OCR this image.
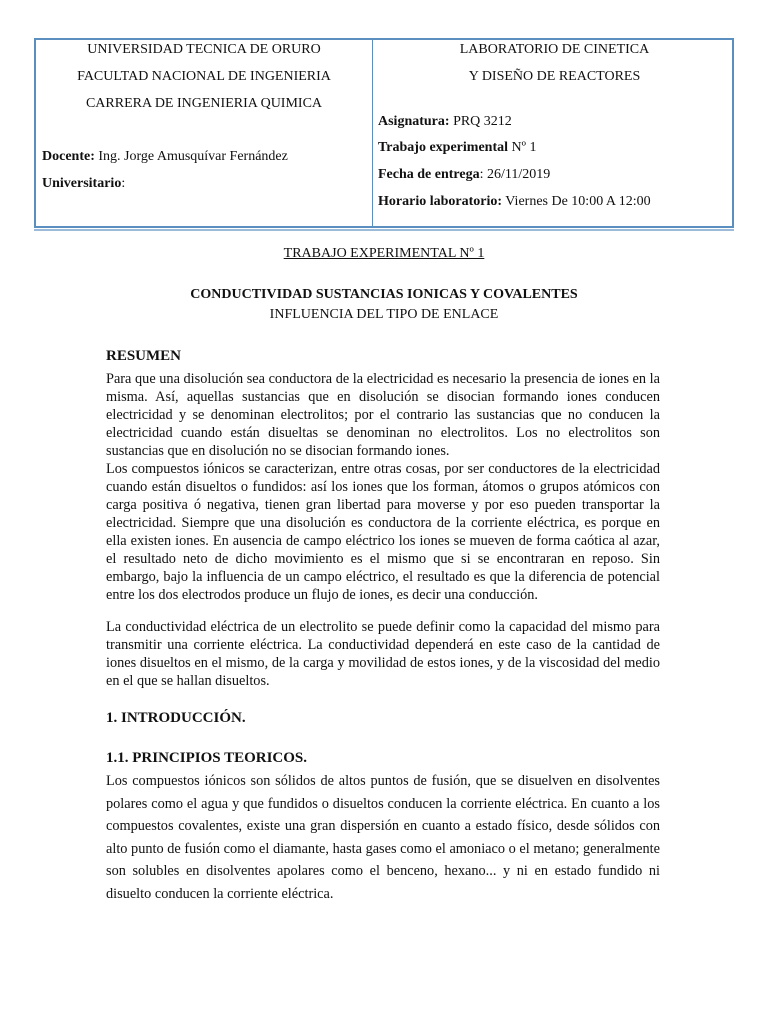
UNIVERSIDAD TECNICA DE ORURO
FACULTAD NACIONAL DE INGENIERIA
CARRERA DE INGENIERIA QUIMICA
Docente: Ing. Jorge Amusquívar Fernández
Universitario:
LABORATORIO DE CINETICA
Y DISEÑO DE REACTORES
Asignatura: PRQ 3212
Trabajo experimental Nº 1
Fecha de entrega: 26/11/2019
Horario laboratorio: Viernes De 10:00 A 12:00
TRABAJO EXPERIMENTAL Nº 1
CONDUCTIVIDAD SUSTANCIAS IONICAS Y COVALENTES
INFLUENCIA DEL TIPO DE ENLACE
RESUMEN

Para que una disolución sea conductora de la electricidad es necesario la presencia de iones en la misma. Así, aquellas sustancias que en disolución se disocian formando iones conducen electricidad y se denominan electrolitos; por el contrario las sustancias que no conducen la electricidad cuando están disueltas se denominan no electrolitos. Los no electrolitos son sustancias que en disolución no se disocian formando iones.

Los compuestos iónicos se caracterizan, entre otras cosas, por ser conductores de la electricidad cuando están disueltos o fundidos: así los iones que los forman, átomos o grupos atómicos con carga positiva ó negativa, tienen gran libertad para moverse y por eso pueden transportar la electricidad. Siempre que una disolución es conductora de la corriente eléctrica, es porque en ella existen iones. En ausencia de campo eléctrico los iones se mueven de forma caótica al azar, el resultado neto de dicho movimiento es el mismo que si se encontraran en reposo. Sin embargo, bajo la influencia de un campo eléctrico, el resultado es que la diferencia de potencial entre los dos electrodos produce un flujo de iones, es decir una conducción.

La conductividad eléctrica de un electrolito se puede definir como la capacidad del mismo para transmitir una corriente eléctrica. La conductividad dependerá en este caso de la cantidad de iones disueltos en el mismo, de la carga y movilidad de estos iones, y de la viscosidad del medio en el que se hallan disueltos.

1. INTRODUCCIÓN.
1.1. PRINCIPIOS TEORICOS.

Los compuestos iónicos son sólidos de altos puntos de fusión, que se disuelven en disolventes polares como el agua y que fundidos o disueltos conducen la corriente eléctrica. En cuanto a los compuestos covalentes, existe una gran dispersión en cuanto a estado físico, desde sólidos con alto punto de fusión como el diamante, hasta gases como el amoniaco o el metano; generalmente son solubles en disolventes apolares como el benceno, hexano... y ni en estado fundido ni disuelto conducen la corriente eléctrica.
